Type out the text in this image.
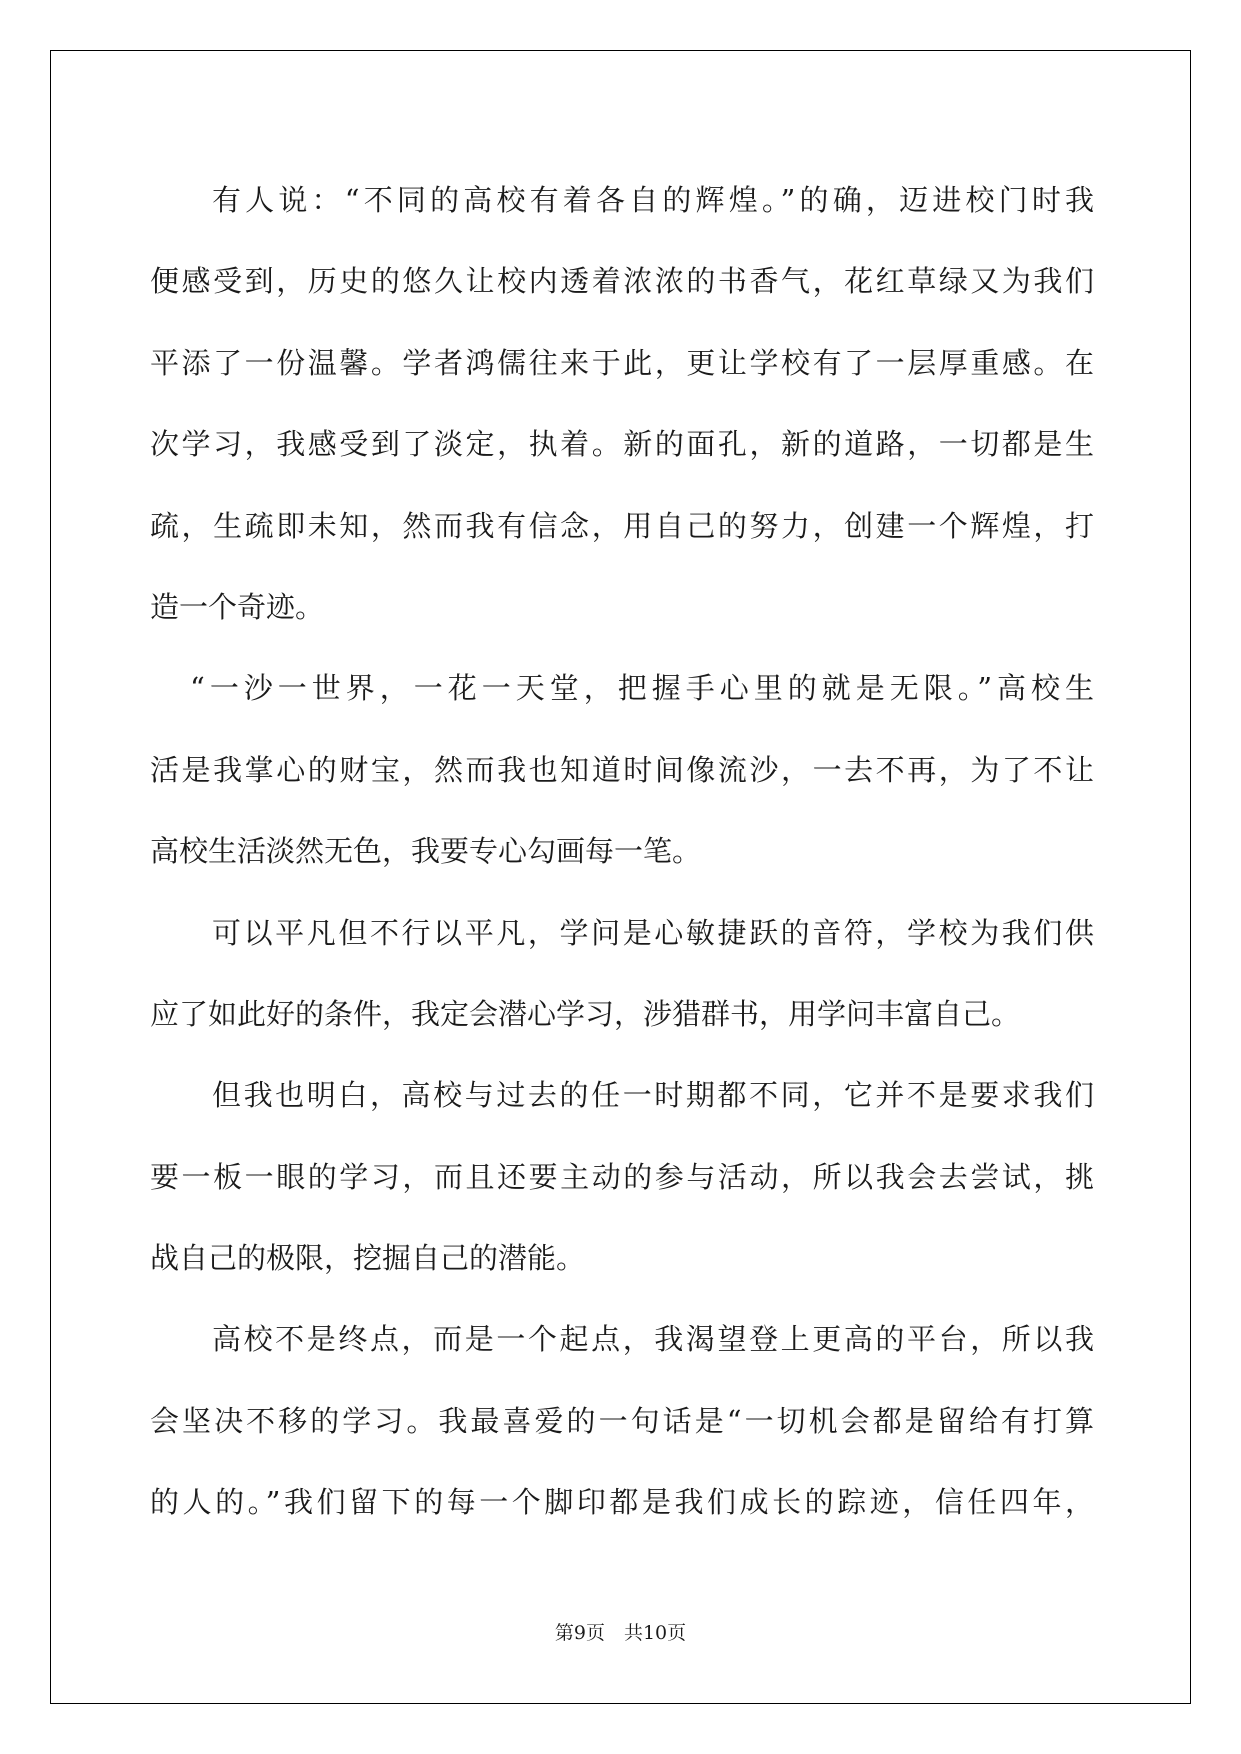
有人说：“不同的高校有着各自的辉煌。”的确，迈进校门时我
便感受到，历史的悠久让校内透着浓浓的书香气，花红草绿又为我们
平添了一份温馨。学者鸿儒往来于此，更让学校有了一层厚重感。在
次学习，我感受到了淡定，执着。新的面孔，新的道路，一切都是生
疏，生疏即未知，然而我有信念，用自己的努力，创建一个辉煌，打
造一个奇迹。
“一沙一世界，一花一天堂，把握手心里的就是无限。”高校生
活是我掌心的财宝，然而我也知道时间像流沙，一去不再，为了不让
高校生活淡然无色，我要专心勾画每一笔。
可以平凡但不行以平凡，学问是心敏捷跃的音符，学校为我们供
应了如此好的条件，我定会潜心学习，涉猎群书，用学问丰富自己。
但我也明白，高校与过去的任一时期都不同，它并不是要求我们
要一板一眼的学习，而且还要主动的参与活动，所以我会去尝试，挑
战自己的极限，挖掘自己的潜能。
高校不是终点，而是一个起点，我渴望登上更高的平台，所以我
会坚决不移的学习。我最喜爱的一句话是“一切机会都是留给有打算
的人的。”我们留下的每一个脚印都是我们成长的踪迹，信任四年，
第9页　共10页
